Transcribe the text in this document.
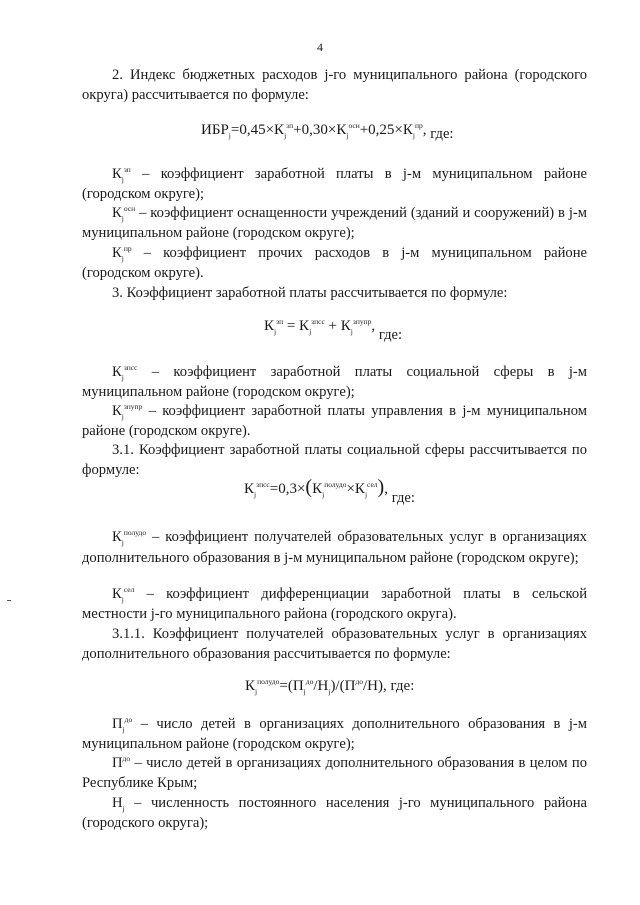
4

2. Индекс бюджетных расходов j-го муниципального района (городского округа) рассчитывается по формуле:

$ИБР_j=0,45\times К_j^{зп}+0,30\times К_j^{осн}+0,25\times К_j^{пр}$, где:

$К_j^{зп}$ – коэффициент заработной платы в j-м муниципальном районе (городском округе);

$К_j^{осн}$ – коэффициент оснащенности учреждений (зданий и сооружений) в j-м муниципальном районе (городском округе);

$К_j^{пр}$ – коэффициент прочих расходов в j-м муниципальном районе (городском округе).

3. Коэффициент заработной платы рассчитывается по формуле:

$К_j^{зп} = К_j^{зпсс} + К_j^{зпупр}$, где:

$К_j^{зпсс}$ – коэффициент заработной платы социальной сферы в j-м муниципальном районе (городском округе);

$К_j^{зпупр}$ – коэффициент заработной платы управления в j-м муниципальном районе (городском округе).

3.1. Коэффициент заработной платы социальной сферы рассчитывается по формуле:

$К_j^{зпсс}=0,3\times(К_j^{полудо}\times К_j^{сел})$, где:

$К_j^{полудо}$ – коэффициент получателей образовательных услуг в организациях дополнительного образования в j-м муниципальном районе (городском округе);

$К_j^{сел}$ – коэффициент дифференциации заработной платы в сельской местности j-го муниципального района (городского округа).

3.1.1. Коэффициент получателей образовательных услуг в организациях дополнительного образования рассчитывается по формуле:

$К_j^{полудо}=(П_j^{до}/Н_j)/(П^{до}/Н)$, где:

$П_j^{до}$ – число детей в организациях дополнительного образования в j-м муниципальном районе (городском округе);

$П^{до}$ – число детей в организациях дополнительного образования в целом по Республике Крым;

$Н_j$ – численность постоянного населения j-го муниципального района (городского округа);
